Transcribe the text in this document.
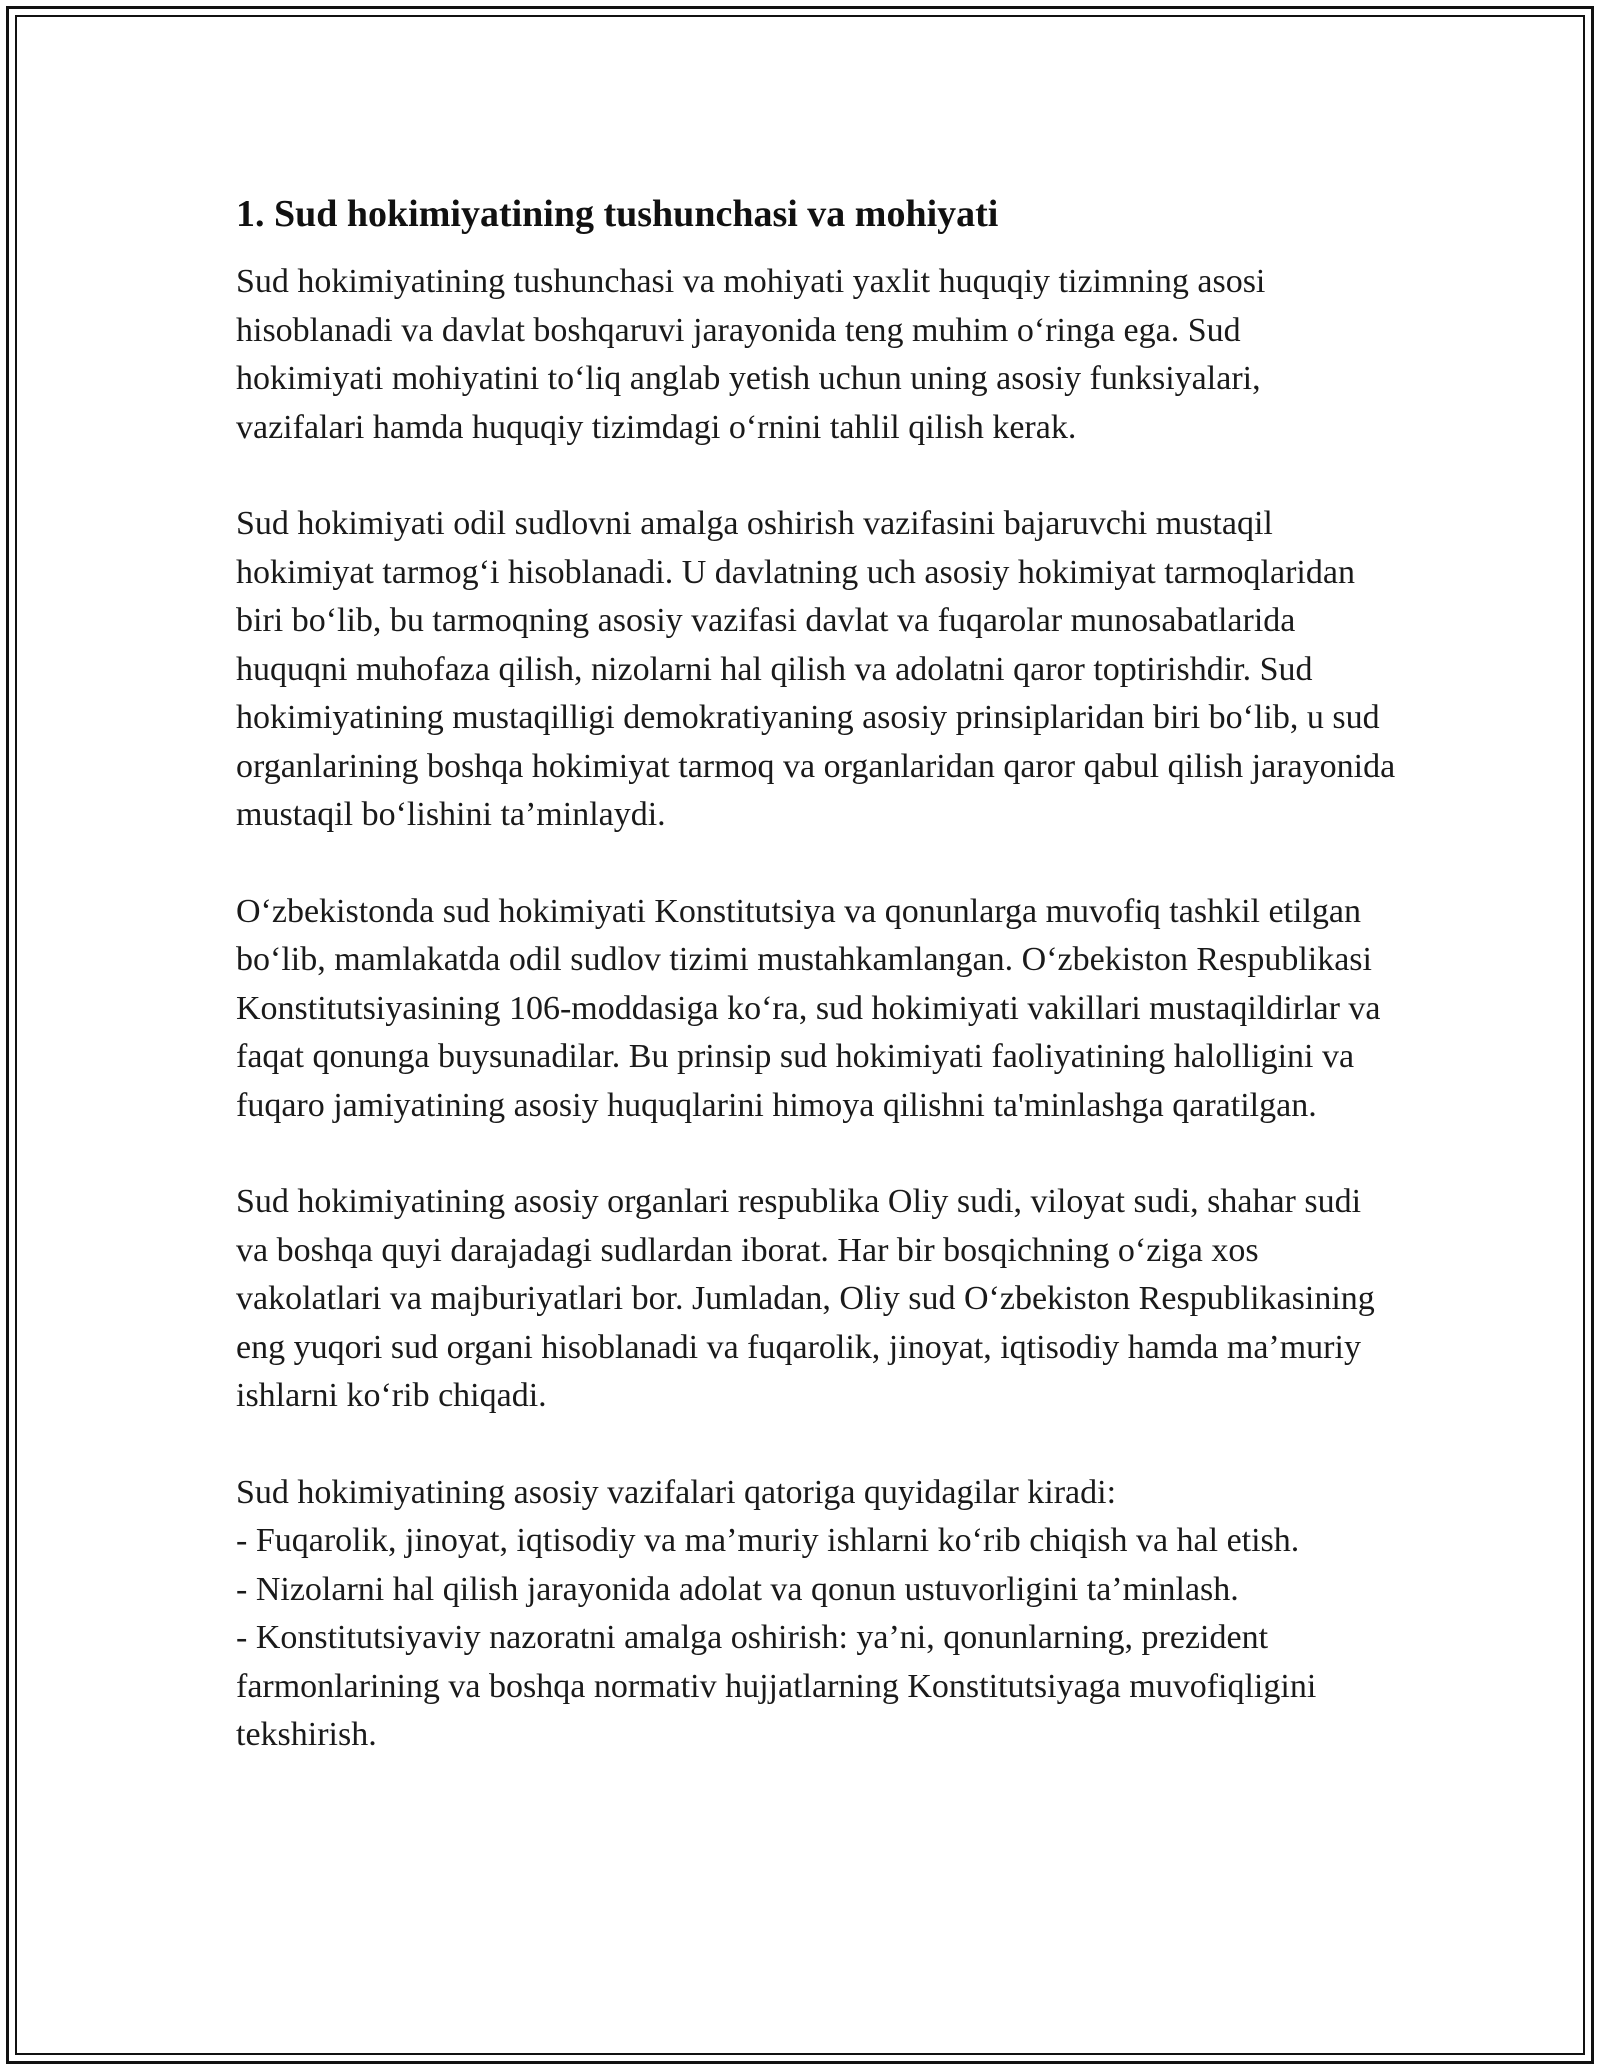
1. Sud hokimiyatining tushunchasi va mohiyati

Sud hokimiyatining tushunchasi va mohiyati yaxlit huquqiy tizimning asosi hisoblanadi va davlat boshqaruvi jarayonida teng muhim o‘ringa ega. Sud hokimiyati mohiyatini to‘liq anglab yetish uchun uning asosiy funksiyalari, vazifalari hamda huquqiy tizimdagi o‘rnini tahlil qilish kerak.

Sud hokimiyati odil sudlovni amalga oshirish vazifasini bajaruvchi mustaqil hokimiyat tarmog‘i hisoblanadi. U davlatning uch asosiy hokimiyat tarmoqlaridan biri bo‘lib, bu tarmoqning asosiy vazifasi davlat va fuqarolar munosabatlarida huquqni muhofaza qilish, nizolarni hal qilish va adolatni qaror toptirishdir. Sud hokimiyatining mustaqilligi demokratiyaning asosiy prinsiplaridan biri bo‘lib, u sud organlarining boshqa hokimiyat tarmoq va organlaridan qaror qabul qilish jarayonida mustaqil bo‘lishini ta’minlaydi.

O‘zbekistonda sud hokimiyati Konstitutsiya va qonunlarga muvofiq tashkil etilgan bo‘lib, mamlakatda odil sudlov tizimi mustahkamlangan. O‘zbekiston Respublikasi Konstitutsiyasining 106-moddasiga ko‘ra, sud hokimiyati vakillari mustaqildirlar va faqat qonunga buysunadilar. Bu prinsip sud hokimiyati faoliyatining halolligini va fuqaro jamiyatining asosiy huquqlarini himoya qilishni ta'minlashga qaratilgan.

Sud hokimiyatining asosiy organlari respublika Oliy sudi, viloyat sudi, shahar sudi va boshqa quyi darajadagi sudlardan iborat. Har bir bosqichning o‘ziga xos vakolatlari va majburiyatlari bor. Jumladan, Oliy sud O‘zbekiston Respublikasining eng yuqori sud organi hisoblanadi va fuqarolik, jinoyat, iqtisodiy hamda ma’muriy ishlarni ko‘rib chiqadi.

Sud hokimiyatining asosiy vazifalari qatoriga quyidagilar kiradi:
- Fuqarolik, jinoyat, iqtisodiy va ma’muriy ishlarni ko‘rib chiqish va hal etish.
- Nizolarni hal qilish jarayonida adolat va qonun ustuvorligini ta’minlash.
- Konstitutsiyaviy nazoratni amalga oshirish: ya’ni, qonunlarning, prezident farmonlarining va boshqa normativ hujjatlarning Konstitutsiyaga muvofiqligini tekshirish.
